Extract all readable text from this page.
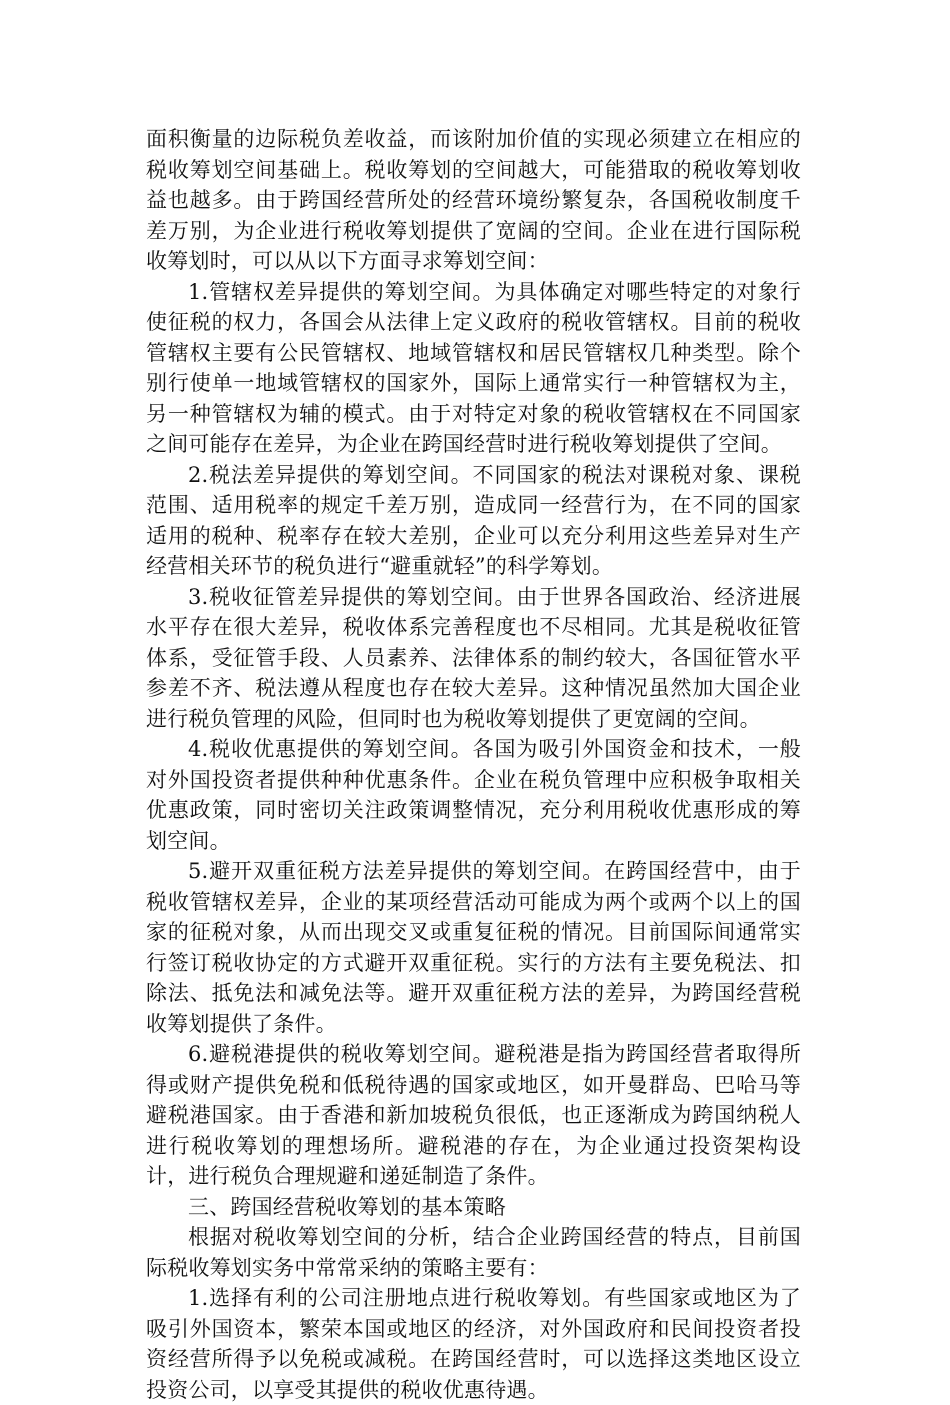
面积衡量的边际税负差收益，而该附加价值的实现必须建立在相应的税收筹划空间基础上。税收筹划的空间越大，可能猎取的税收筹划收益也越多。由于跨国经营所处的经营环境纷繁复杂，各国税收制度千差万别，为企业进行税收筹划提供了宽阔的空间。企业在进行国际税收筹划时，可以从以下方面寻求筹划空间：

1.管辖权差异提供的筹划空间。为具体确定对哪些特定的对象行使征税的权力，各国会从法律上定义政府的税收管辖权。目前的税收管辖权主要有公民管辖权、地域管辖权和居民管辖权几种类型。除个别行使单一地域管辖权的国家外，国际上通常实行一种管辖权为主，另一种管辖权为辅的模式。由于对特定对象的税收管辖权在不同国家之间可能存在差异，为企业在跨国经营时进行税收筹划提供了空间。

2.税法差异提供的筹划空间。不同国家的税法对课税对象、课税范围、适用税率的规定千差万别，造成同一经营行为，在不同的国家适用的税种、税率存在较大差别，企业可以充分利用这些差异对生产经营相关环节的税负进行“避重就轻”的科学筹划。

3.税收征管差异提供的筹划空间。由于世界各国政治、经济进展水平存在很大差异，税收体系完善程度也不尽相同。尤其是税收征管体系，受征管手段、人员素养、法律体系的制约较大，各国征管水平参差不齐、税法遵从程度也存在较大差异。这种情况虽然加大国企业进行税负管理的风险，但同时也为税收筹划提供了更宽阔的空间。

4.税收优惠提供的筹划空间。各国为吸引外国资金和技术，一般对外国投资者提供种种优惠条件。企业在税负管理中应积极争取相关优惠政策，同时密切关注政策调整情况，充分利用税收优惠形成的筹划空间。

5.避开双重征税方法差异提供的筹划空间。在跨国经营中，由于税收管辖权差异，企业的某项经营活动可能成为两个或两个以上的国家的征税对象，从而出现交叉或重复征税的情况。目前国际间通常实行签订税收协定的方式避开双重征税。实行的方法有主要免税法、扣除法、抵免法和减免法等。避开双重征税方法的差异，为跨国经营税收筹划提供了条件。

6.避税港提供的税收筹划空间。避税港是指为跨国经营者取得所得或财产提供免税和低税待遇的国家或地区，如开曼群岛、巴哈马等避税港国家。由于香港和新加坡税负很低，也正逐渐成为跨国纳税人进行税收筹划的理想场所。避税港的存在，为企业通过投资架构设计，进行税负合理规避和递延制造了条件。

三、跨国经营税收筹划的基本策略

根据对税收筹划空间的分析，结合企业跨国经营的特点，目前国际税收筹划实务中常常采纳的策略主要有：

1.选择有利的公司注册地点进行税收筹划。有些国家或地区为了吸引外国资本，繁荣本国或地区的经济，对外国政府和民间投资者投资经营所得予以免税或减税。在跨国经营时，可以选择这类地区设立投资公司，以享受其提供的税收优惠待遇。
